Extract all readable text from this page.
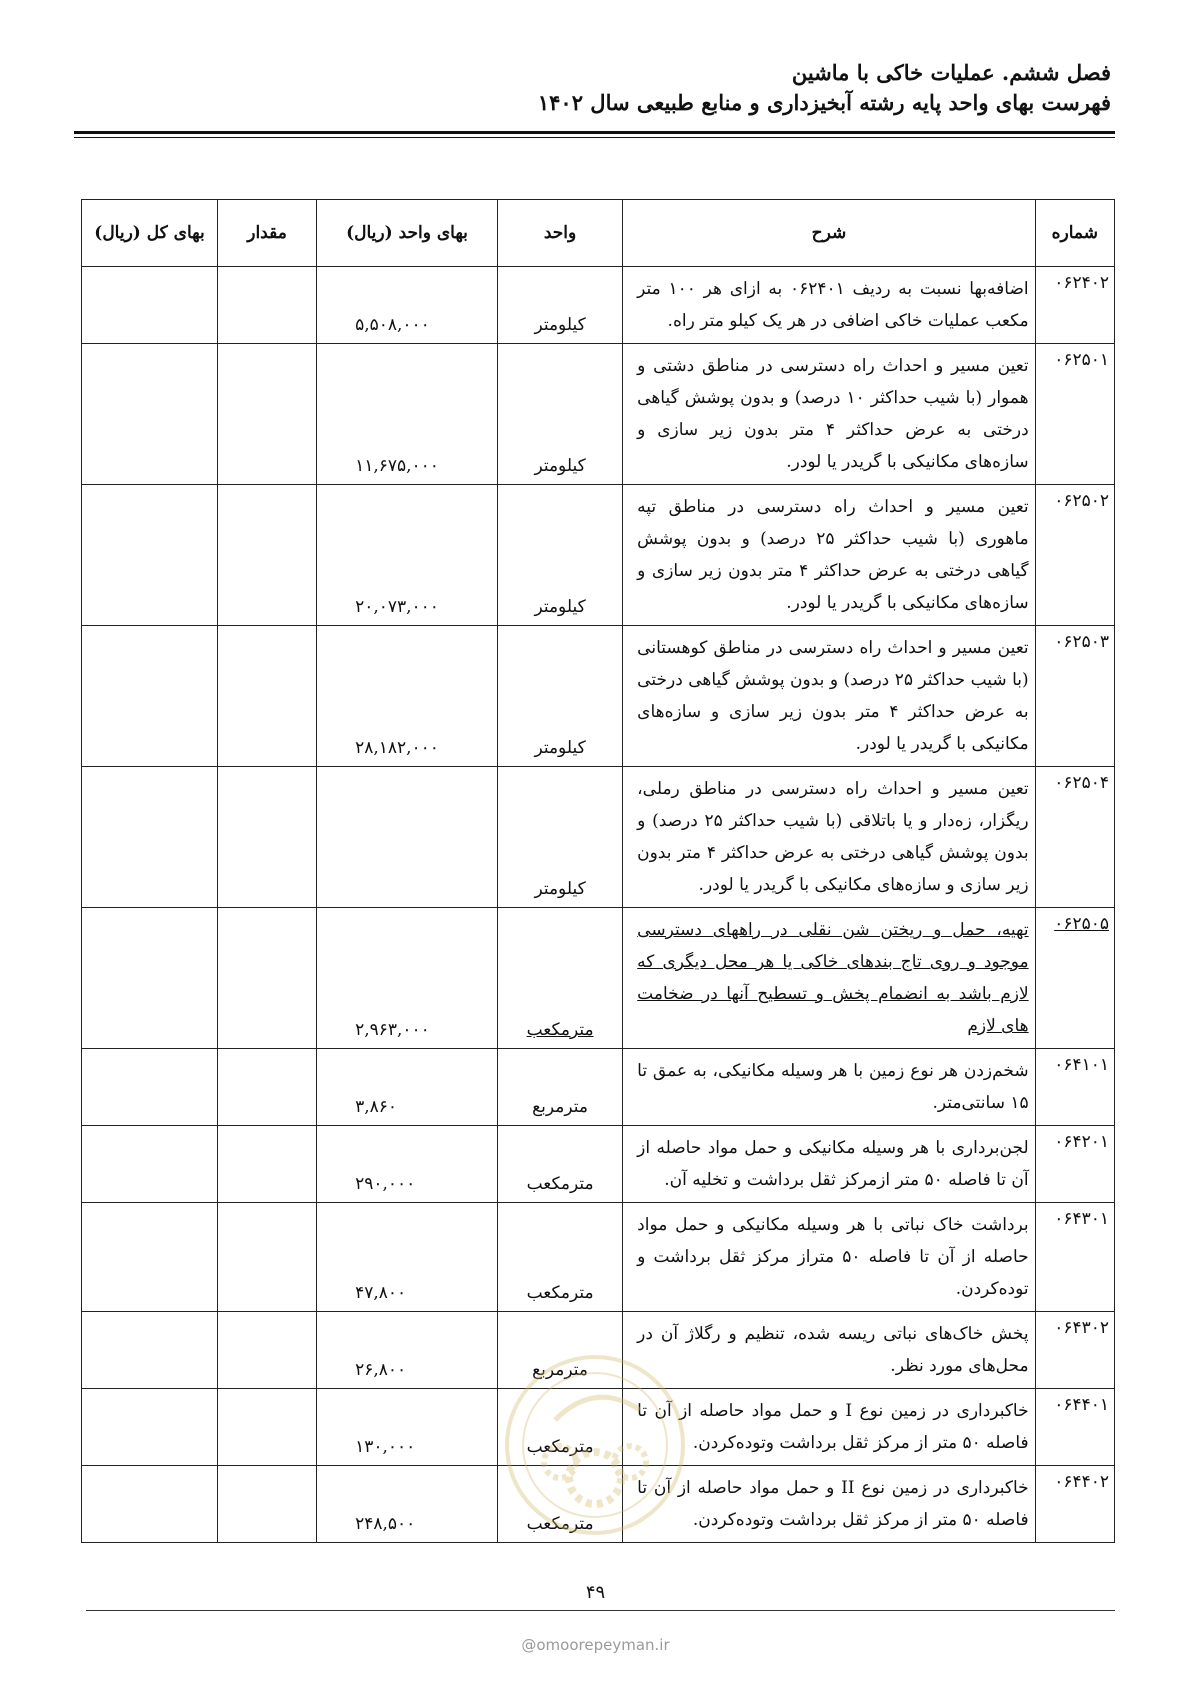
فصل ششم. عملیات خاکی با ماشین
فهرست بهای واحد پایه رشته آبخیزداری و منابع طبیعی سال ۱۴۰۲
شماره	شرح	واحد	بهای واحد (ریال)	مقدار	بهای کل (ریال)
۰۶۲۴۰۲	اضافه‌بها نسبت به ردیف ۰۶۲۴۰۱ به ازای هر ۱۰۰ متر مکعب عملیات خاکی اضافی در هر یک کیلو متر راه.	کیلومتر	۵,۵۰۸,۰۰۰		
۰۶۲۵۰۱	تعین مسیر و احداث راه دسترسی در مناطق دشتی و هموار (با شیب حداکثر ۱۰ درصد) و بدون پوشش گیاهی درختی به عرض حداکثر ۴ متر بدون زیر سازی و سازه‌های مکانیکی با گریدر یا لودر.	کیلومتر	۱۱,۶۷۵,۰۰۰		
۰۶۲۵۰۲	تعین مسیر و احداث راه دسترسی در مناطق تپه ماهوری (با شیب حداکثر ۲۵ درصد) و بدون پوشش گیاهی درختی به عرض حداکثر ۴ متر بدون زیر سازی و سازه‌های مکانیکی با گریدر یا لودر.	کیلومتر	۲۰,۰۷۳,۰۰۰		
۰۶۲۵۰۳	تعین مسیر و احداث راه دسترسی در مناطق کوهستانی (با شیب حداکثر ۲۵ درصد) و بدون پوشش گیاهی درختی به عرض حداکثر ۴ متر بدون زیر سازی و سازه‌های مکانیکی با گریدر یا لودر.	کیلومتر	۲۸,۱۸۲,۰۰۰		
۰۶۲۵۰۴	تعین مسیر و احداث راه دسترسی در مناطق رملی، ریگزار، زه‌دار و یا باتلاقی (با شیب حداکثر ۲۵ درصد) و بدون پوشش گیاهی درختی به عرض حداکثر ۴ متر بدون زیر سازی و سازه‌های مکانیکی با گریدر یا لودر.	کیلومتر			
۰۶۲۵۰۵	تهیه، حمل و ریختن شن نقلی در راههای دسترسی موجود و روی تاج بندهای خاکی یا هر محل دیگری که لازم باشد به انضمام پخش و تسطیح آنها در ضخامت های لازم	مترمکعب	۲,۹۶۳,۰۰۰		
۰۶۴۱۰۱	شخم‌زدن هر نوع زمین با هر وسیله مکانیکی، به عمق تا ۱۵ سانتی‌متر.	مترمربع	۳,۸۶۰		
۰۶۴۲۰۱	لجن‌برداری با هر وسیله مکانیکی و حمل مواد حاصله از آن تا فاصله ۵۰ متر ازمرکز ثقل برداشت و تخلیه آن.	مترمکعب	۲۹۰,۰۰۰		
۰۶۴۳۰۱	برداشت خاک نباتی با هر وسیله مکانیکی و حمل مواد حاصله از آن تا فاصله ۵۰ متراز مرکز ثقل برداشت و توده‌کردن.	مترمکعب	۴۷,۸۰۰		
۰۶۴۳۰۲	پخش خاک‌های نباتی ریسه شده، تنظیم و رگلاژ آن در محل‌های مورد نظر.	مترمربع	۲۶,۸۰۰		
۰۶۴۴۰۱	خاکبرداری در زمین نوع I و حمل مواد حاصله از آن تا فاصله ۵۰ متر از مرکز ثقل برداشت وتوده‌کردن.	مترمکعب	۱۳۰,۰۰۰		
۰۶۴۴۰۲	خاکبرداری در زمین نوع II و حمل مواد حاصله از آن تا فاصله ۵۰ متر از مرکز ثقل برداشت وتوده‌کردن.	مترمکعب	۲۴۸,۵۰۰		
۴۹
@omoorepeyman.ir
